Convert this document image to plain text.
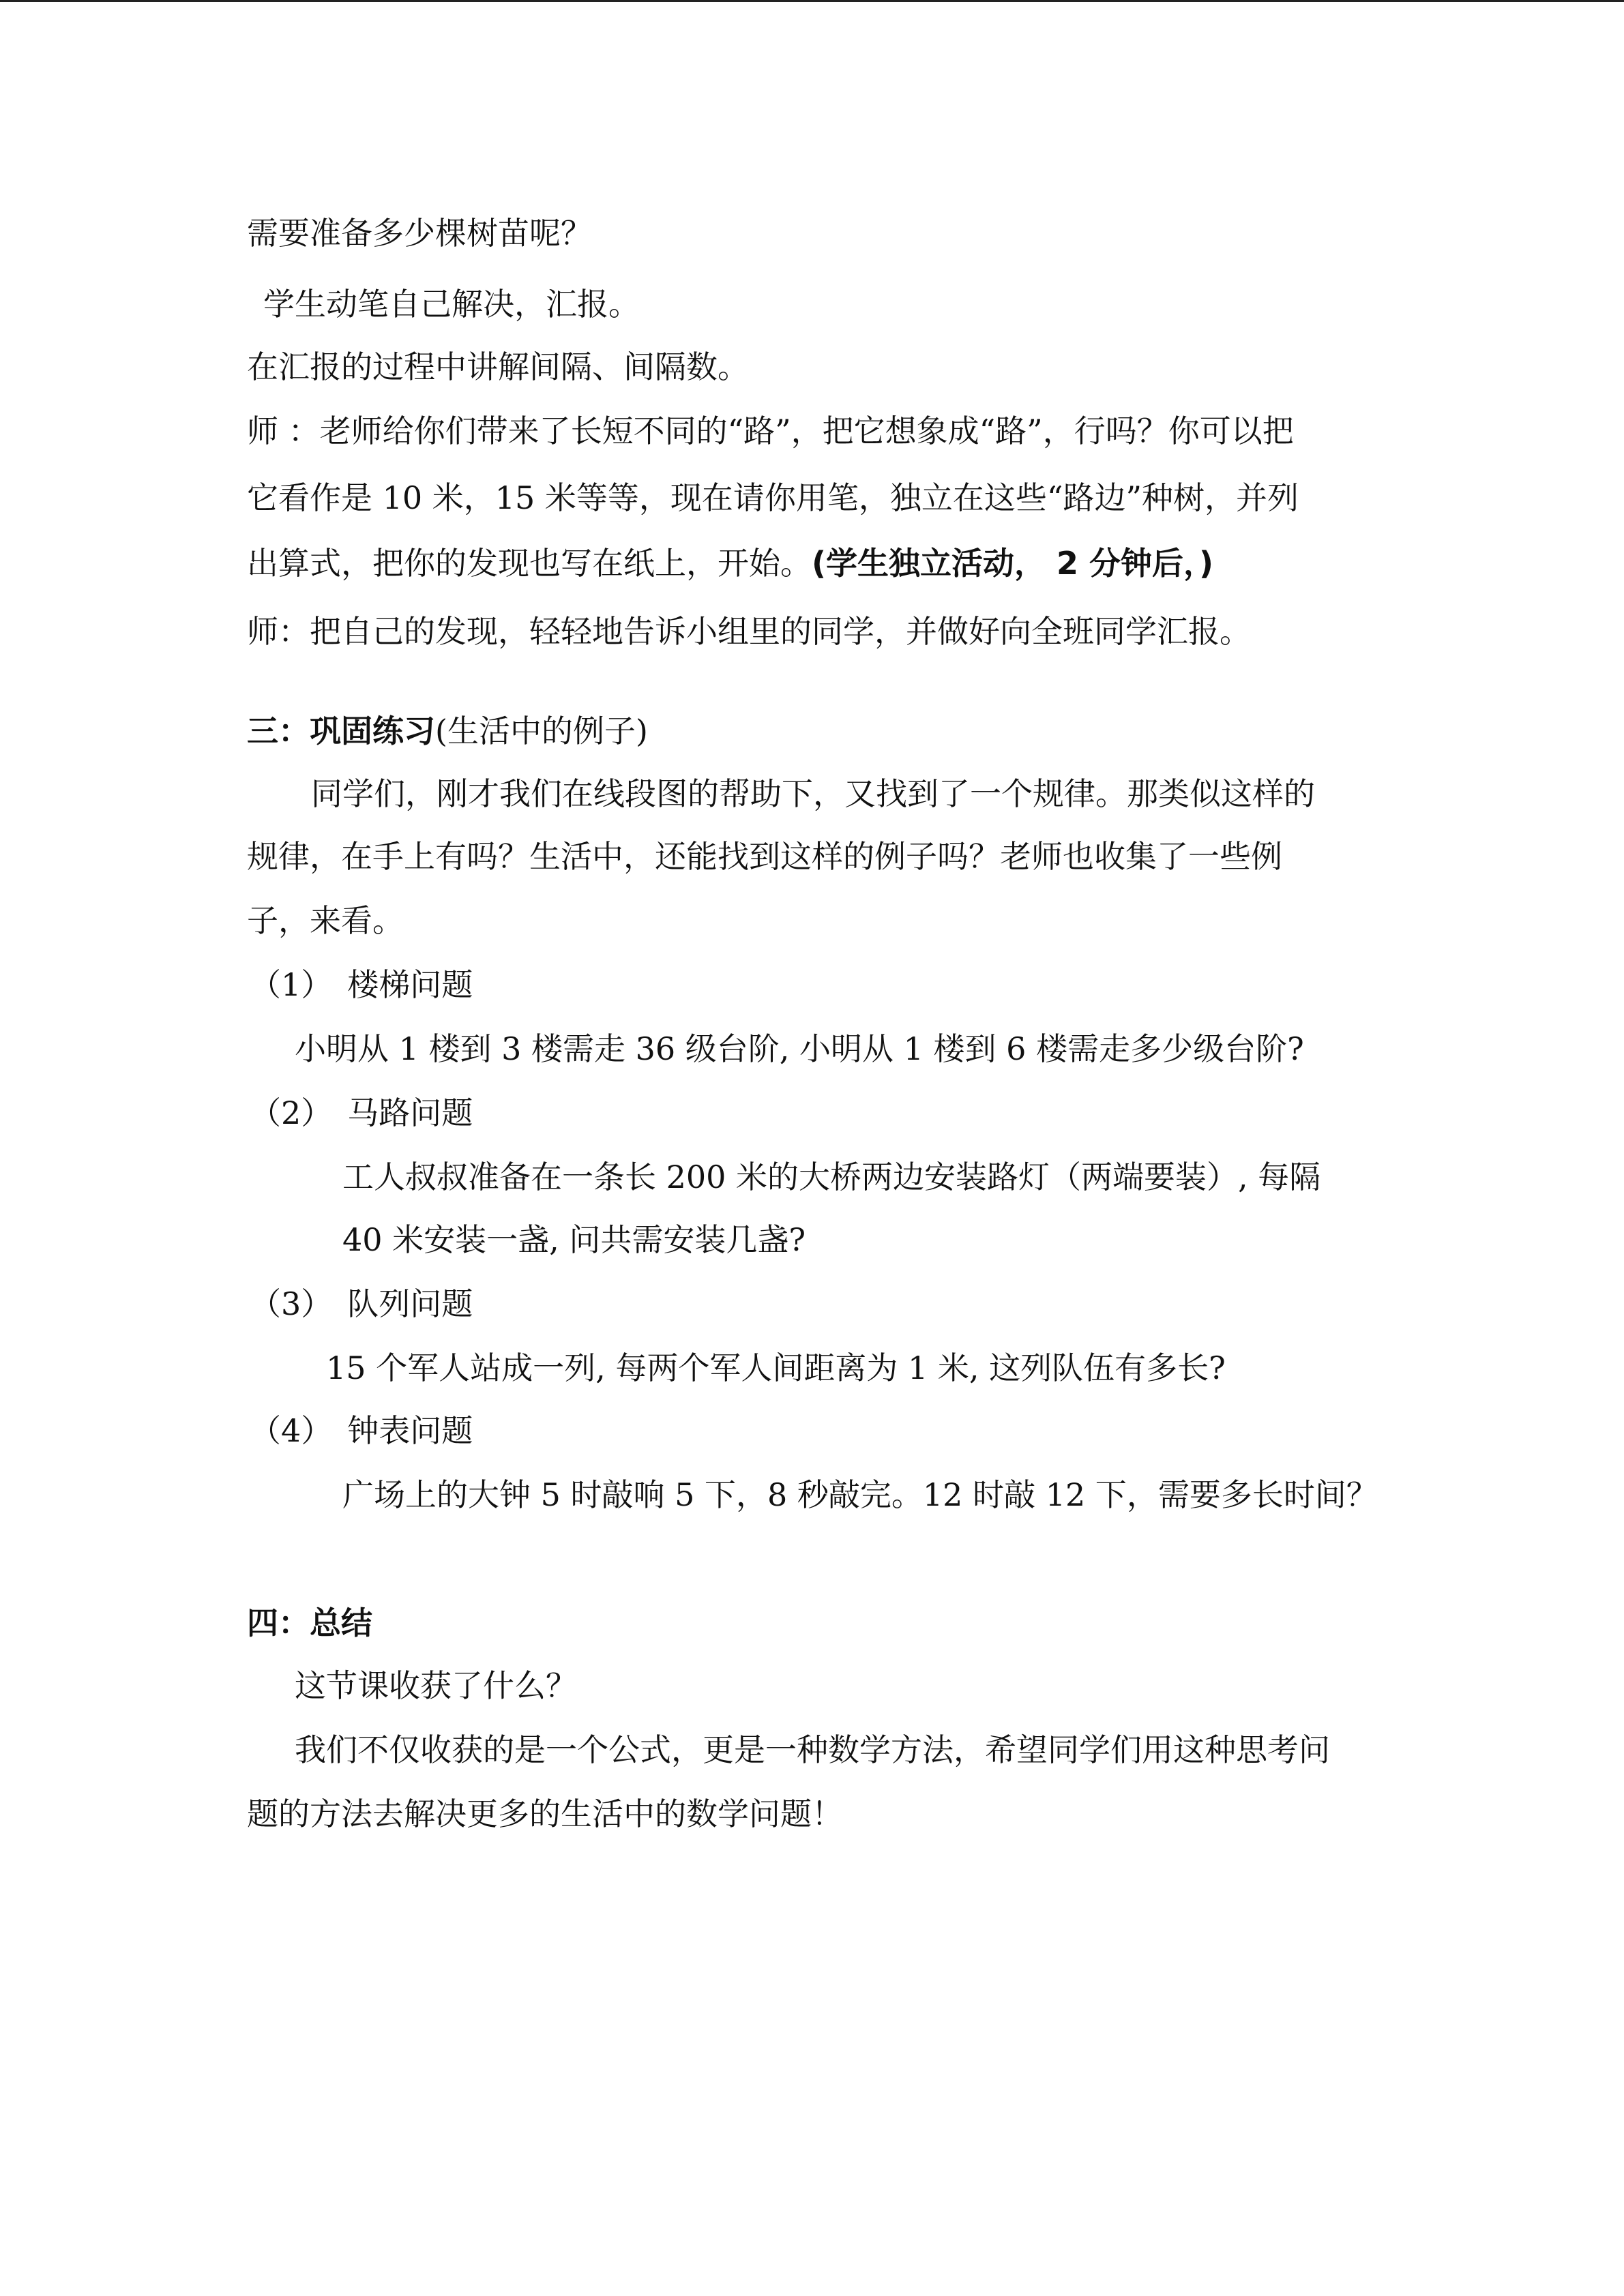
需要准备多少棵树苗呢？
学生动笔自己解决，汇报。
在汇报的过程中讲解间隔、间隔数。
师 ：老师给你们带来了长短不同的“路”，把它想象成“路”，行吗？你可以把
它看作是 10 米，15 米等等，现在请你用笔，独立在这些“路边”种树，并列
出算式，把你的发现也写在纸上，开始。(学生独立活动， 2 分钟后，)
师：把自己的发现，轻轻地告诉小组里的同学，并做好向全班同学汇报。
三：巩固练习(生活中的例子)
同学们，刚才我们在线段图的帮助下，又找到了一个规律。那类似这样的
规律，在手上有吗？生活中，还能找到这样的例子吗？老师也收集了一些例
子，来看。
（1） 楼梯问题
小明从 1 楼到 3 楼需走 36 级台阶, 小明从 1 楼到 6 楼需走多少级台阶?
（2） 马路问题
工人叔叔准备在一条长 200 米的大桥两边安装路灯（两端要装）, 每隔
40 米安装一盏, 问共需安装几盏?
（3） 队列问题
15 个军人站成一列, 每两个军人间距离为 1 米, 这列队伍有多长?
（4） 钟表问题
广场上的大钟 5 时敲响 5 下，8 秒敲完。12 时敲 12 下，需要多长时间？
四：总结
这节课收获了什么？
我们不仅收获的是一个公式，更是一种数学方法，希望同学们用这种思考问
题的方法去解决更多的生活中的数学问题！
